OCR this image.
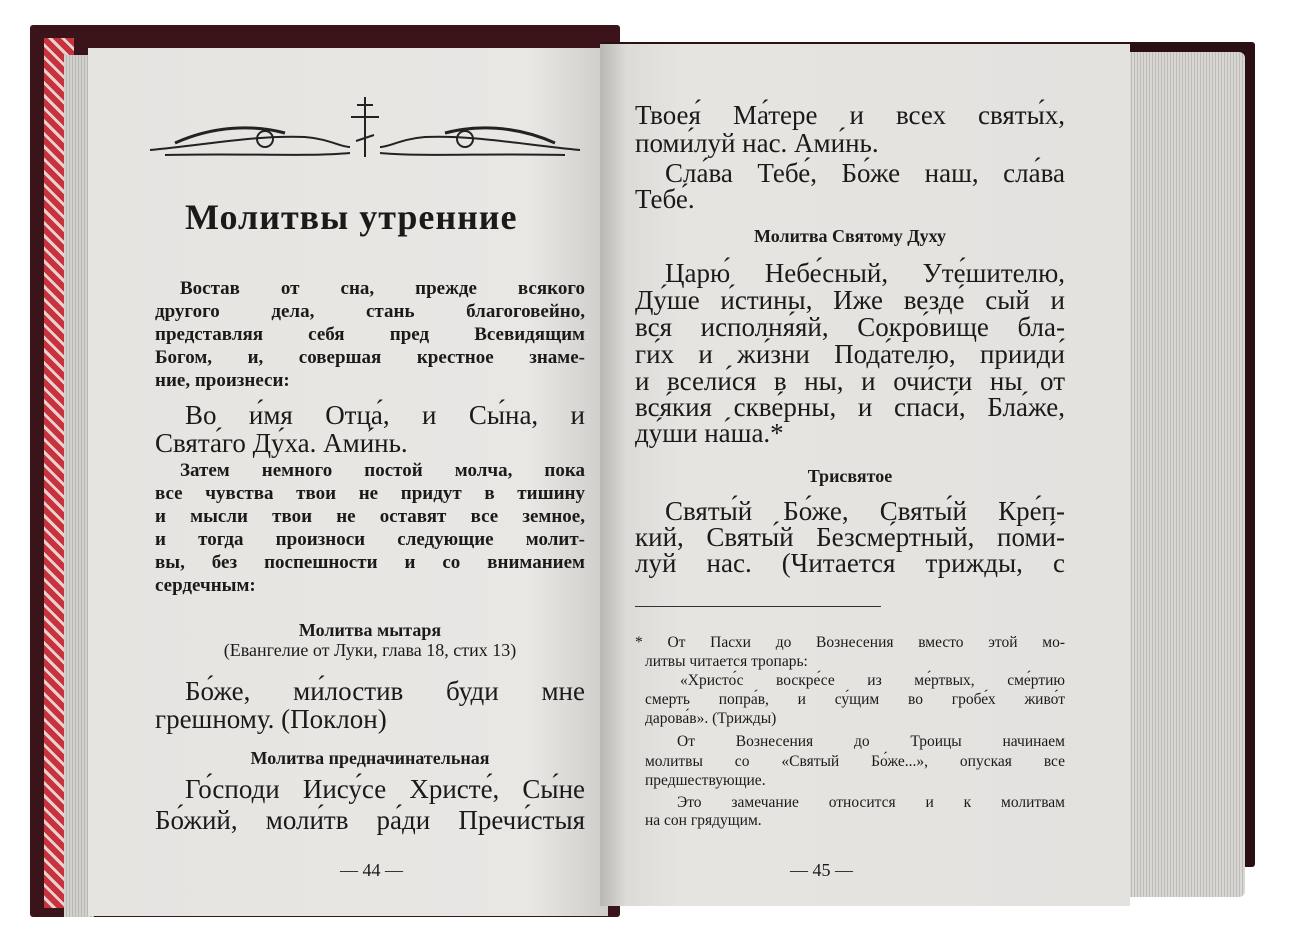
Молитвы утренние
Востав от сна, прежде всякого
другого дела, стань благоговейно,
представляя себя пред Всевидящим
Богом, и, совершая крестное знаме-
ние, произнеси:
Во и́мя Отца́, и Сы́на, и
Свята́го Ду́ха. Ами́нь.
Затем немного постой молча, пока
все чувства твои не придут в тишину
и мысли твои не оставят все земное,
и тогда произноси следующие молит-
вы, без поспешности и со вниманием
сердечным:
Молитва мытаря
(Евангелие от Луки, глава 18, стих 13)
Бо́же, ми́лостив буди мне
грешному. (Поклон)
Молитва предначинательная
Го́споди Иису́се Христе́, Сы́не
Бо́жий, моли́тв ра́ди Пречи́стыя
— 44 —
Твоея́ Ма́тере и всех святы́х,
поми́луй нас. Ами́нь.
Сла́ва Тебе́, Бо́же наш, сла́ва
Тебе́.
Молитва Святому Духу
Царю́ Небе́сный, Уте́шителю,
Ду́ше и́стины, Иже везде́ сый и
вся исполня́яй, Сокро́вище бла-
ги́х и жи́зни Пода́телю, прииди́
и всели́ся в ны, и очи́сти ны от
вся́кия скве́рны, и спаси́, Бла́же,
ду́ши на́ша.*
Трисвятое
Святы́й Бо́же, Святы́й Кре́п-
кий, Святы́й Безсме́ртный, поми́-
луй нас. (Читается трижды, с
* От Пасхи до Вознесения вместо этой мо-
литвы читается тропарь:
«Христо́с воскре́се из ме́ртвых, сме́ртию
смерть попра́в, и су́щим во гробе́х живо́т
дарова́в». (Трижды)
От Вознесения до Троицы начинаем
молитвы со «Святый Бо́же...», опуская все
предшествующие.
Это замечание относится и к молитвам
на сон грядущим.
— 45 —
